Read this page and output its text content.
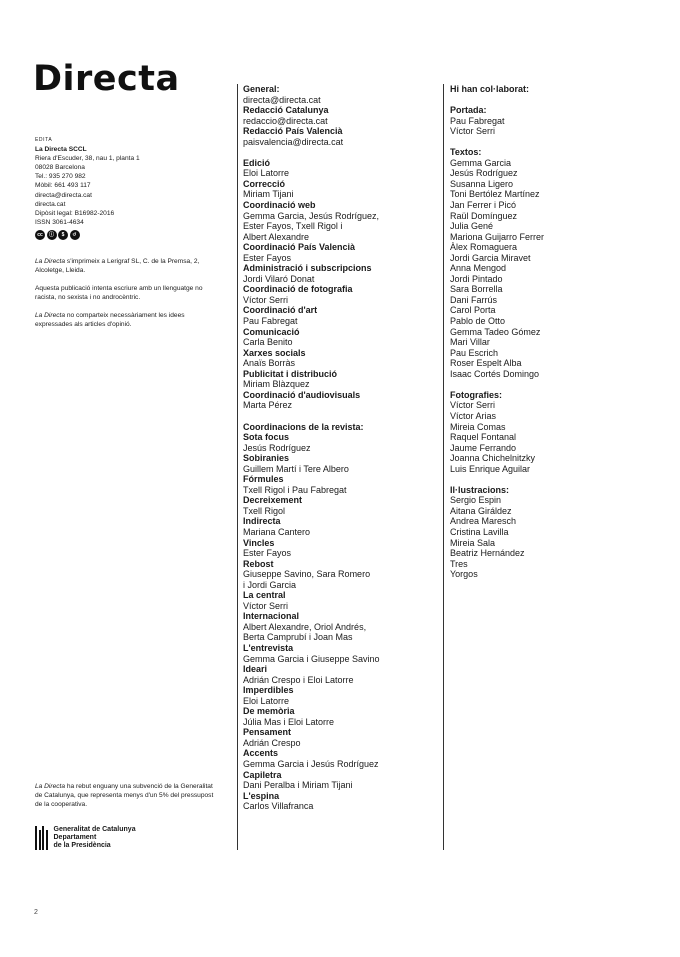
Directa
EDITA
La Directa SCCL
Riera d'Escuder, 38, nau 1, planta 1
08028 Barcelona
Tel.: 935 270 982
Mòbil: 661 493 117
directa@directa.cat
directa.cat
Dipòsit legal: B16982-2016
ISSN 3061-4634
cc	ⓘ	$	↺

La Directa s'imprimeix a Lerigraf SL, C. de la Premsa, 2, Alcoletge, Lleida.

Aquesta publicació intenta escriure amb un llenguatge no racista, no sexista i no androcèntric.

La Directa no comparteix necessàriament les idees expressades als articles d'opinió.

La Directa ha rebut enguany una subvenció de la Generalitat de Catalunya, que representa menys d'un 5% del pressupost de la cooperativa.
Generalitat de Catalunya
Departament
de la Presidència
2
General:
directa@directa.cat
Redacció Catalunya
redaccio@directa.cat
Redacció País Valencià
paisvalencia@directa.cat
Edició
Eloi Latorre
Correcció
Miriam Tijani
Coordinació web
Gemma Garcia, Jesús Rodríguez,
Ester Fayos, Txell Rigol i
Albert Alexandre
Coordinació País Valencià
Ester Fayos
Administració i subscripcions
Jordi Vilaró Donat
Coordinació de fotografia
Víctor Serri
Coordinació d'art
Pau Fabregat
Comunicació
Carla Benito
Xarxes socials
Anaïs Borràs
Publicitat i distribució
Miriam Blàzquez
Coordinació d'audiovisuals
Marta Pérez
Coordinacions de la revista:
Sota focus
Jesús Rodríguez
Sobiranies
Guillem Martí i Tere Albero
Fórmules
Txell Rigol i Pau Fabregat
Decreixement
Txell Rigol
Indirecta
Mariana Cantero
Vincles
Ester Fayos
Rebost
Giuseppe Savino, Sara Romero
i Jordi Garcia
La central
Víctor Serri
Internacional
Albert Alexandre, Oriol Andrés,
Berta Camprubí i Joan Mas
L'entrevista
Gemma Garcia i Giuseppe Savino
Ideari
Adrián Crespo i Eloi Latorre
Imperdibles
Eloi Latorre
De memòria
Júlia Mas i Eloi Latorre
Pensament
Adrián Crespo
Accents
Gemma Garcia i Jesús Rodríguez
Capiletra
Dani Peralba i Miriam Tijani
L'espina
Carlos Villafranca
Hi han col·laborat:
Portada:
Pau Fabregat
Víctor Serri
Textos:
Gemma Garcia
Jesús Rodríguez
Susanna Ligero
Toni Bertólez Martínez
Jan Ferrer i Picó
Raül Domínguez
Julia Gené
Mariona Guijarro Ferrer
Àlex Romaguera
Jordi Garcia Miravet
Anna Mengod
Jordi Pintado
Sara Borrella
Dani Farrús
Carol Porta
Pablo de Otto
Gemma Tadeo Gómez
Mari Villar
Pau Escrich
Roser Espelt Alba
Isaac Cortés Domingo
Fotografies:
Víctor Serri
Víctor Arias
Mireia Comas
Raquel Fontanal
Jaume Ferrando
Joanna Chichelnitzky
Luis Enrique Aguilar
Il·lustracions:
Sergio Espin
Aitana Giráldez
Andrea Maresch
Cristina Lavilla
Mireia Sala
Beatriz Hernández
Tres
Yorgos
